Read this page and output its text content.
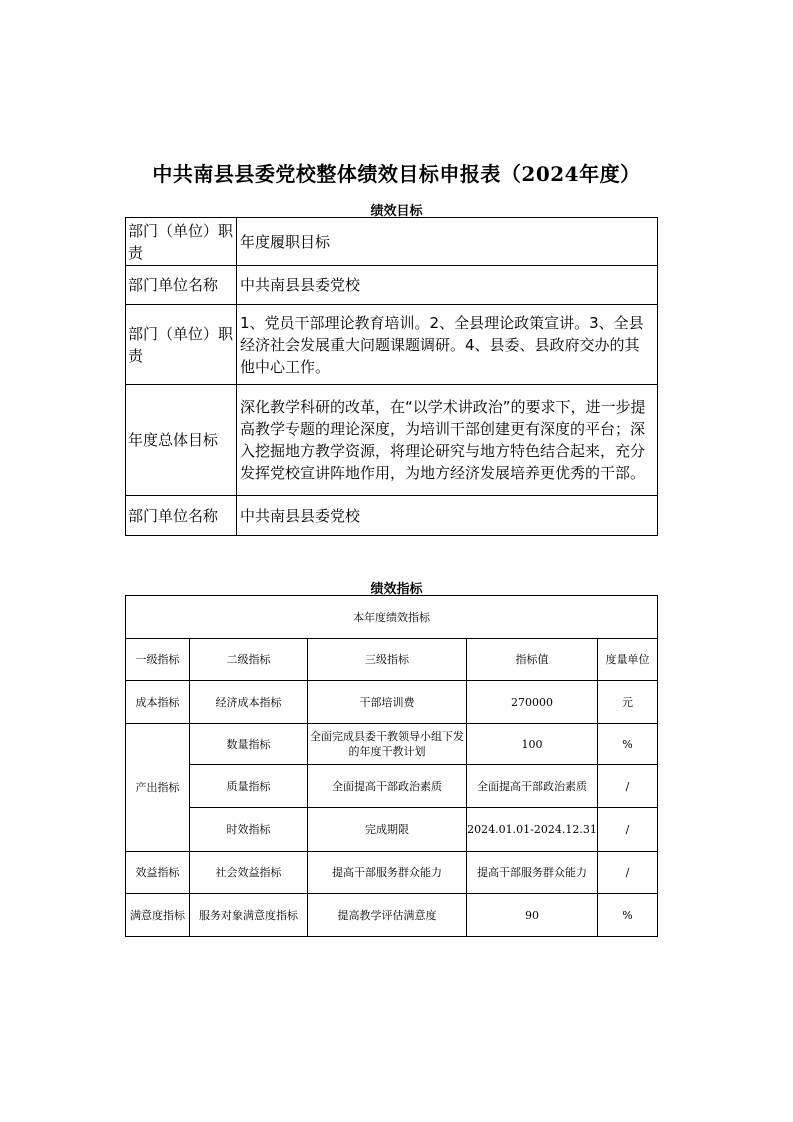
中共南县县委党校整体绩效目标申报表（2024年度）
绩效目标
部门（单位）职责	年度履职目标
部门单位名称	中共南县县委党校
部门（单位）职责	1、党员干部理论教育培训。2、全县理论政策宣讲。3、全县经济社会发展重大问题课题调研。4、县委、县政府交办的其他中心工作。
年度总体目标	深化教学科研的改革，在“以学术讲政治”的要求下，进一步提高教学专题的理论深度，为培训干部创建更有深度的平台；深入挖掘地方教学资源，将理论研究与地方特色结合起来，充分发挥党校宣讲阵地作用，为地方经济发展培养更优秀的干部。
部门单位名称	中共南县县委党校
绩效指标
本年度绩效指标				
一级指标	二级指标	三级指标	指标值	度量单位
成本指标	经济成本指标	干部培训费	270000	元
产出指标	数量指标	全面完成县委干教领导小组下发的年度干教计划	100	%
	质量指标	全面提高干部政治素质	全面提高干部政治素质	/
	时效指标	完成期限	2024.01.01-2024.12.31	/
效益指标	社会效益指标	提高干部服务群众能力	提高干部服务群众能力	/
满意度指标	服务对象满意度指标	提高教学评估满意度	90	%
